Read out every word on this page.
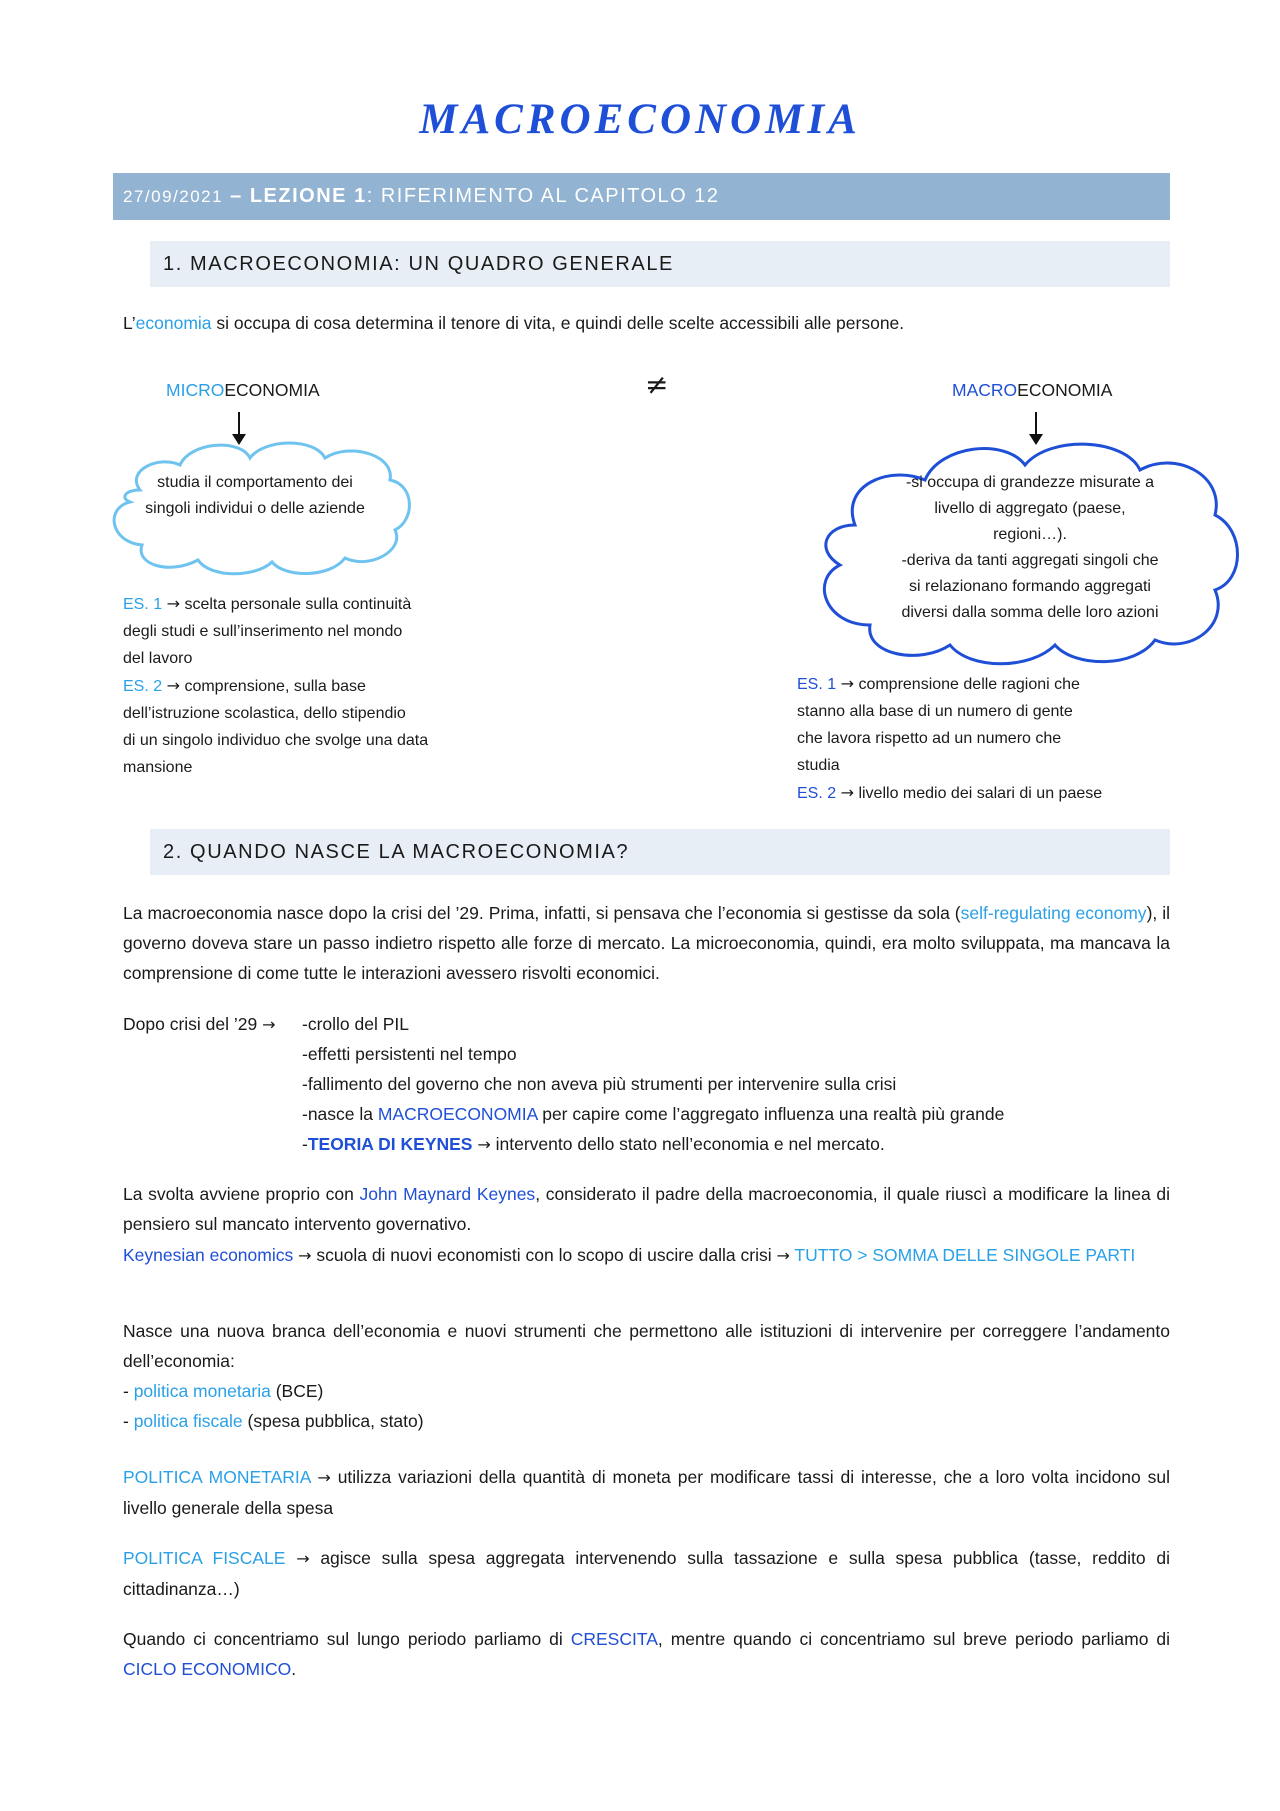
MACROECONOMIA
27/09/2021 – LEZIONE 1: RIFERIMENTO AL CAPITOLO 12
1. MACROECONOMIA: UN QUADRO GENERALE
L’economia si occupa di cosa determina il tenore di vita, e quindi delle scelte accessibili alle persone.
MICROECONOMIA	≠	MACROECONOMIA
studia il comportamento dei
singoli individui o delle aziende
-si occupa di grandezze misurate a
livello di aggregato (paese,
regioni…).
-deriva da tanti aggregati singoli che
si relazionano formando aggregati
diversi dalla somma delle loro azioni
ES. 1 → scelta personale sulla continuità
degli studi e sull’inserimento nel mondo
del lavoro
ES. 2 → comprensione, sulla base
dell’istruzione scolastica, dello stipendio
di un singolo individuo che svolge una data
mansione
ES. 1 → comprensione delle ragioni che
stanno alla base di un numero di gente
che lavora rispetto ad un numero che
studia
ES. 2 → livello medio dei salari di un paese
2. QUANDO NASCE LA MACROECONOMIA?
La macroeconomia nasce dopo la crisi del ’29. Prima, infatti, si pensava che l’economia si gestisse da sola (self-regulating economy), il governo doveva stare un passo indietro rispetto alle forze di mercato. La microeconomia, quindi, era molto sviluppata, ma mancava la comprensione di come tutte le interazioni avessero risvolti economici.
Dopo crisi del ’29 → -crollo del PIL
-effetti persistenti nel tempo
-fallimento del governo che non aveva più strumenti per intervenire sulla crisi
-nasce la MACROECONOMIA per capire come l’aggregato influenza una realtà più grande
-TEORIA DI KEYNES → intervento dello stato nell’economia e nel mercato.
La svolta avviene proprio con John Maynard Keynes, considerato il padre della macroeconomia, il quale riuscì a modificare la linea di pensiero sul mancato intervento governativo.
Keynesian economics → scuola di nuovi economisti con lo scopo di uscire dalla crisi → TUTTO > SOMMA DELLE SINGOLE PARTI
Nasce una nuova branca dell’economia e nuovi strumenti che permettono alle istituzioni di intervenire per correggere l’andamento dell’economia:
- politica monetaria (BCE)
- politica fiscale (spesa pubblica, stato)
POLITICA MONETARIA → utilizza variazioni della quantità di moneta per modificare tassi di interesse, che a loro volta incidono sul livello generale della spesa
POLITICA FISCALE → agisce sulla spesa aggregata intervenendo sulla tassazione e sulla spesa pubblica (tasse, reddito di cittadinanza…)
Quando ci concentriamo sul lungo periodo parliamo di CRESCITA, mentre quando ci concentriamo sul breve periodo parliamo di CICLO ECONOMICO.
